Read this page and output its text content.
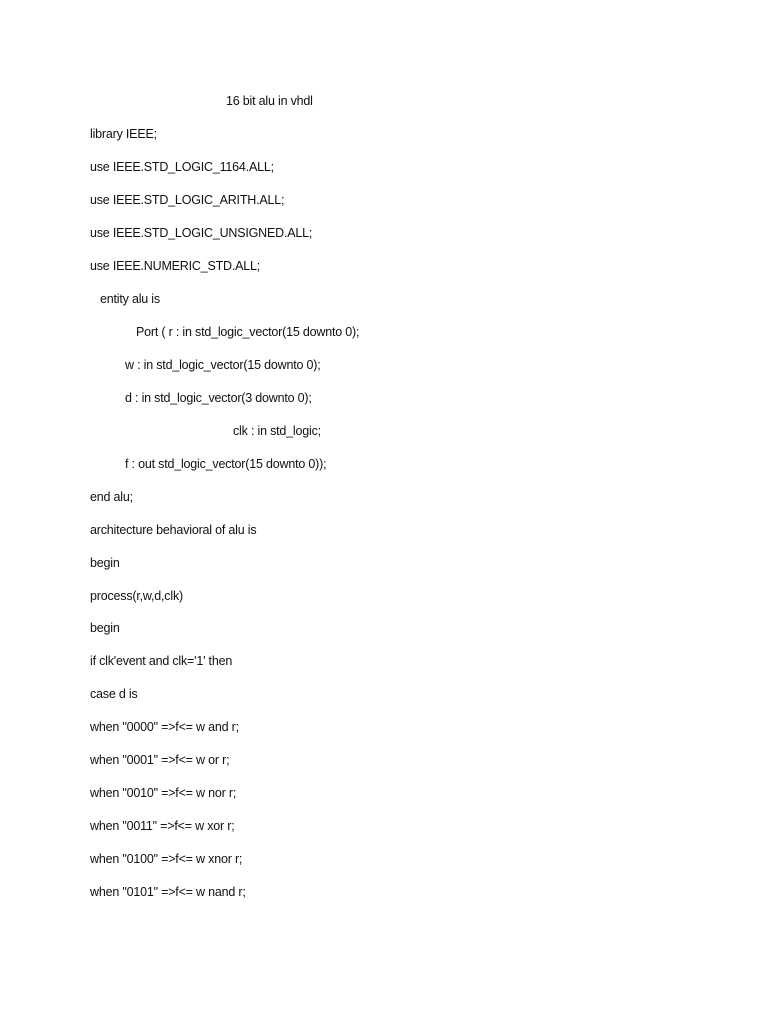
16 bit alu in vhdl
library IEEE;
use IEEE.STD_LOGIC_1164.ALL;
use IEEE.STD_LOGIC_ARITH.ALL;
use IEEE.STD_LOGIC_UNSIGNED.ALL;
use IEEE.NUMERIC_STD.ALL;
entity alu is
Port ( r : in std_logic_vector(15 downto 0);
w : in std_logic_vector(15 downto 0);
d : in std_logic_vector(3 downto 0);
clk : in std_logic;
f : out std_logic_vector(15 downto 0));
end alu;
architecture behavioral of alu is
begin
process(r,w,d,clk)
begin
if clk'event and clk='1' then
case d is
when "0000" =>f<= w and r;
when "0001" =>f<= w or r;
when "0010" =>f<= w nor r;
when "0011" =>f<= w xor r;
when "0100" =>f<= w xnor r;
when "0101" =>f<= w nand r;
